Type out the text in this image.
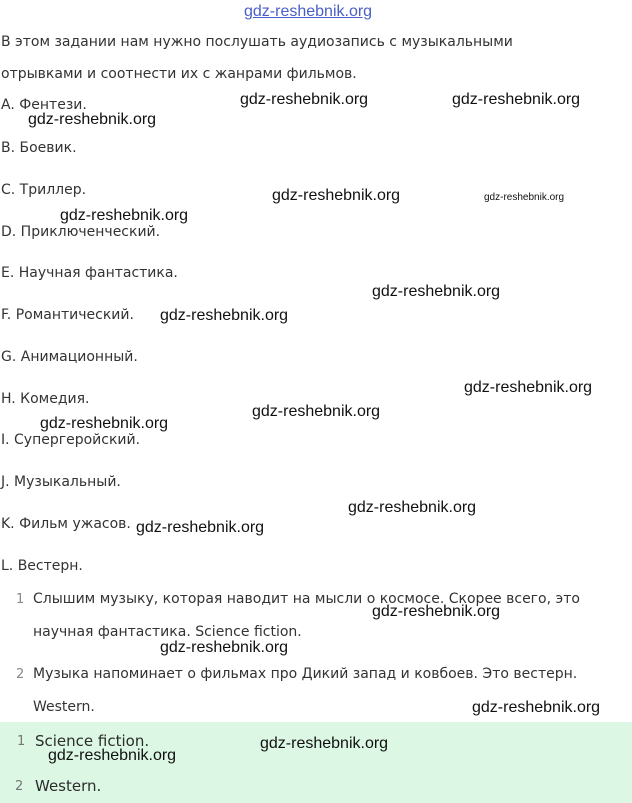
gdz-reshebnik.org
В этом задании нам нужно послушать аудиозапись с музыкальными
отрывками и соотнести их с жанрами фильмов.
A. Фентези.
B. Боевик.
C. Триллер.
D. Приключенческий.
E. Научная фантастика.
F. Романтический.
G. Анимационный.
H. Комедия.
I. Супергеройский.
J. Музыкальный.
K. Фильм ужасов.
L. Вестерн.
1 Слышим музыку, которая наводит на мысли о космосе. Скорее всего, это
научная фантастика. Science fiction.
2 Музыка напоминает о фильмах про Дикий запад и ковбоев. Это вестерн.
Western.
1 Science fiction.
2 Western.
gdz-reshebnik.org	gdz-reshebnik.org
gdz-reshebnik.org
gdz-reshebnik.org	gdz-reshebnik.org
gdz-reshebnik.org
gdz-reshebnik.org
gdz-reshebnik.org
gdz-reshebnik.org
gdz-reshebnik.org
gdz-reshebnik.org
gdz-reshebnik.org
gdz-reshebnik.org
gdz-reshebnik.org
gdz-reshebnik.org
gdz-reshebnik.org
gdz-reshebnik.org
gdz-reshebnik.org
